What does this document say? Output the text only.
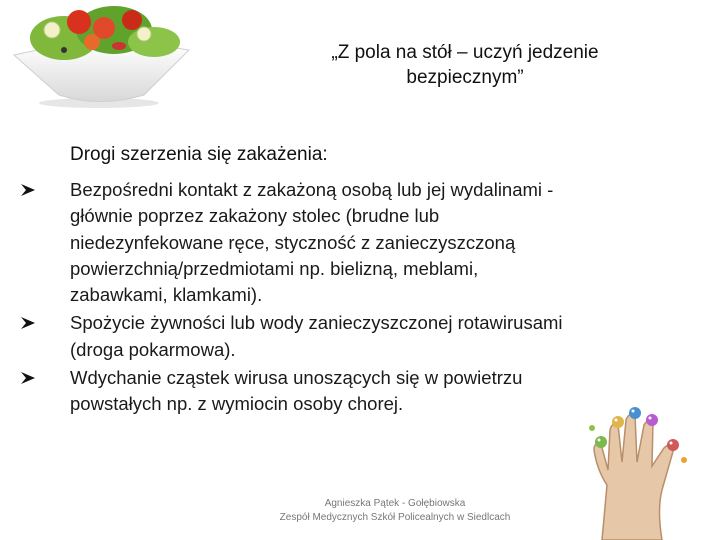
„Z pola na stół – uczyń jedzenie
bezpiecznym”
Drogi szerzenia się zakażenia:
Bezpośredni kontakt z zakażoną osobą lub jej wydalinami -
głównie poprzez zakażony stolec (brudne lub
niedezynfekowane ręce, styczność z zanieczyszczoną
powierzchnią/przedmiotami np. bielizną, meblami,
zabawkami, klamkami).
Spożycie żywności lub wody zanieczyszczonej rotawirusami
(droga pokarmowa).
Wdychanie cząstek wirusa unoszących się w powietrzu
powstałych np. z wymiocin osoby chorej.
Agnieszka Pątek - Gołębiowska
Zespół Medycznych Szkół Policealnych w Siedlcach
